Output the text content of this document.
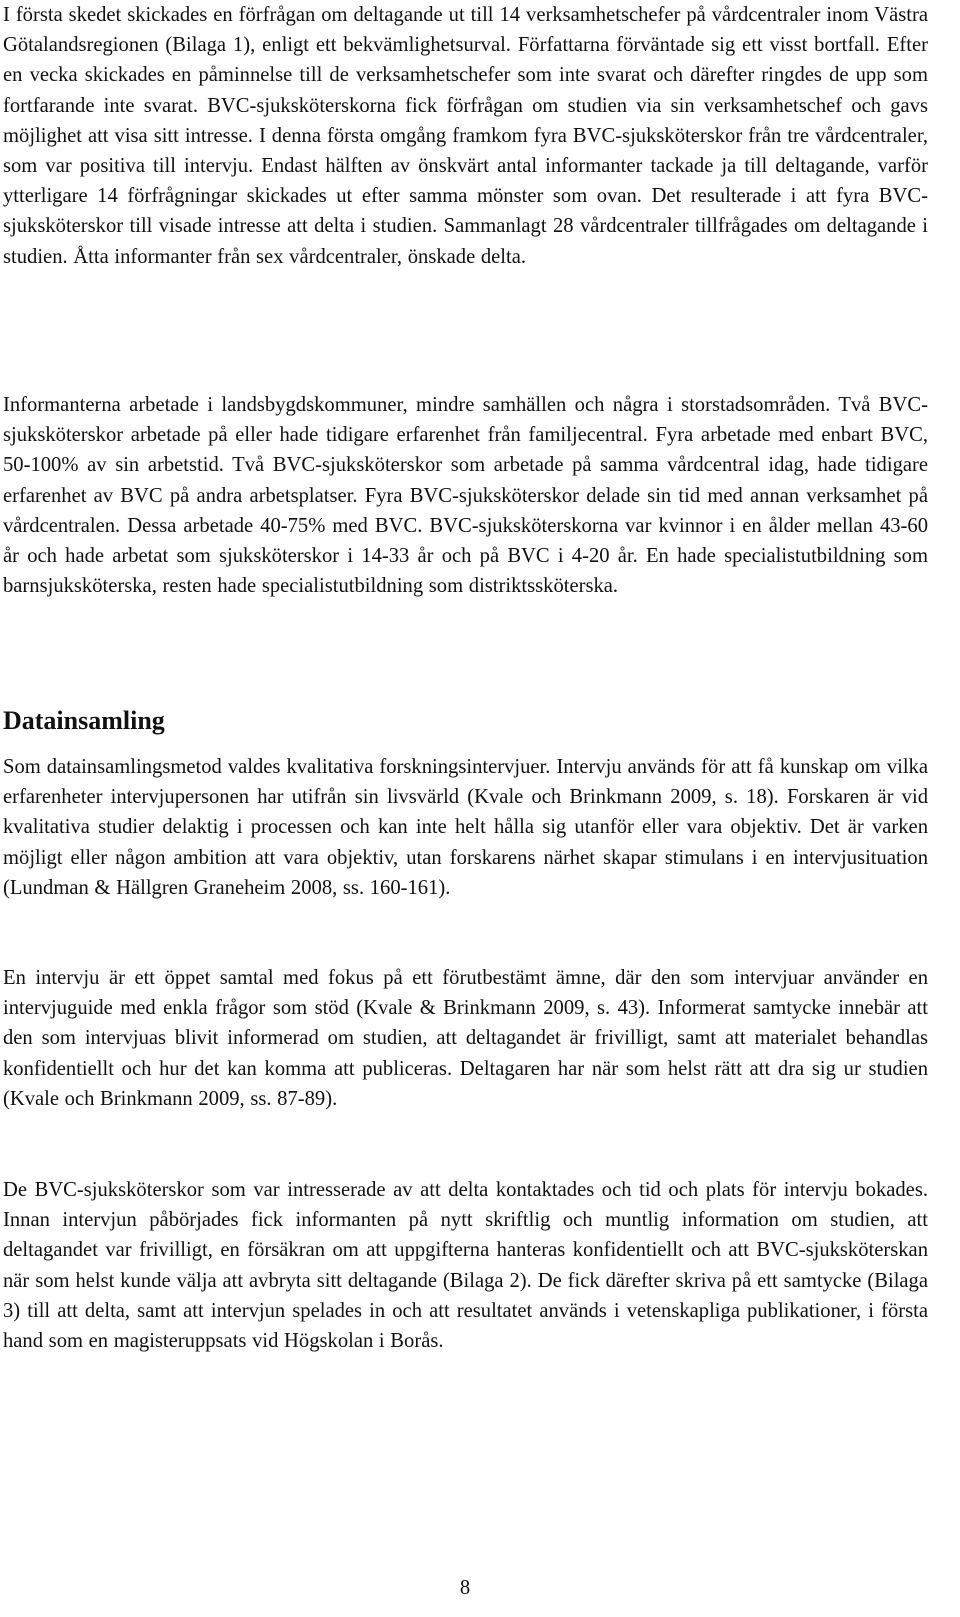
I första skedet skickades en förfrågan om deltagande ut till 14 verksamhetschefer på vårdcentraler inom Västra Götalandsregionen (Bilaga 1), enligt ett bekvämlighetsurval. Författarna förväntade sig ett visst bortfall. Efter en vecka skickades en påminnelse till de verksamhetschefer som inte svarat och därefter ringdes de upp som fortfarande inte svarat. BVC-sjuksköterskorna fick förfrågan om studien via sin verksamhetschef och gavs möjlighet att visa sitt intresse. I denna första omgång framkom fyra BVC-sjuksköterskor från tre vårdcentraler, som var positiva till intervju. Endast hälften av önskvärt antal informanter tackade ja till deltagande, varför ytterligare 14 förfrågningar skickades ut efter samma mönster som ovan. Det resulterade i att fyra BVC-sjuksköterskor till visade intresse att delta i studien. Sammanlagt 28 vårdcentraler tillfrågades om deltagande i studien. Åtta informanter från sex vårdcentraler, önskade delta.

Informanterna arbetade i landsbygdskommuner, mindre samhällen och några i storstadsområden. Två BVC-sjuksköterskor arbetade på eller hade tidigare erfarenhet från familjecentral. Fyra arbetade med enbart BVC, 50-100% av sin arbetstid. Två BVC-sjuksköterskor som arbetade på samma vårdcentral idag, hade tidigare erfarenhet av BVC på andra arbetsplatser. Fyra BVC-sjuksköterskor delade sin tid med annan verksamhet på vårdcentralen. Dessa arbetade 40-75% med BVC. BVC-sjuksköterskorna var kvinnor i en ålder mellan 43-60 år och hade arbetat som sjuksköterskor i 14-33 år och på BVC i 4-20 år. En hade specialistutbildning som barnsjuksköterska, resten hade specialistutbildning som distriktssköterska.

Datainsamling

Som datainsamlingsmetod valdes kvalitativa forskningsintervjuer. Intervju används för att få kunskap om vilka erfarenheter intervjupersonen har utifrån sin livsvärld (Kvale och Brinkmann 2009, s. 18). Forskaren är vid kvalitativa studier delaktig i processen och kan inte helt hålla sig utanför eller vara objektiv. Det är varken möjligt eller någon ambition att vara objektiv, utan forskarens närhet skapar stimulans i en intervjusituation (Lundman & Hällgren Graneheim 2008, ss. 160-161).

En intervju är ett öppet samtal med fokus på ett förutbestämt ämne, där den som intervjuar använder en intervjuguide med enkla frågor som stöd (Kvale & Brinkmann 2009, s. 43). Informerat samtycke innebär att den som intervjuas blivit informerad om studien, att deltagandet är frivilligt, samt att materialet behandlas konfidentiellt och hur det kan komma att publiceras. Deltagaren har när som helst rätt att dra sig ur studien (Kvale och Brinkmann 2009, ss. 87-89).

De BVC-sjuksköterskor som var intresserade av att delta kontaktades och tid och plats för intervju bokades. Innan intervjun påbörjades fick informanten på nytt skriftlig och muntlig information om studien, att deltagandet var frivilligt, en försäkran om att uppgifterna hanteras konfidentiellt och att BVC-sjuksköterskan när som helst kunde välja att avbryta sitt deltagande (Bilaga 2). De fick därefter skriva på ett samtycke (Bilaga 3) till att delta, samt att intervjun spelades in och att resultatet används i vetenskapliga publikationer, i första hand som en magisteruppsats vid Högskolan i Borås.

8
